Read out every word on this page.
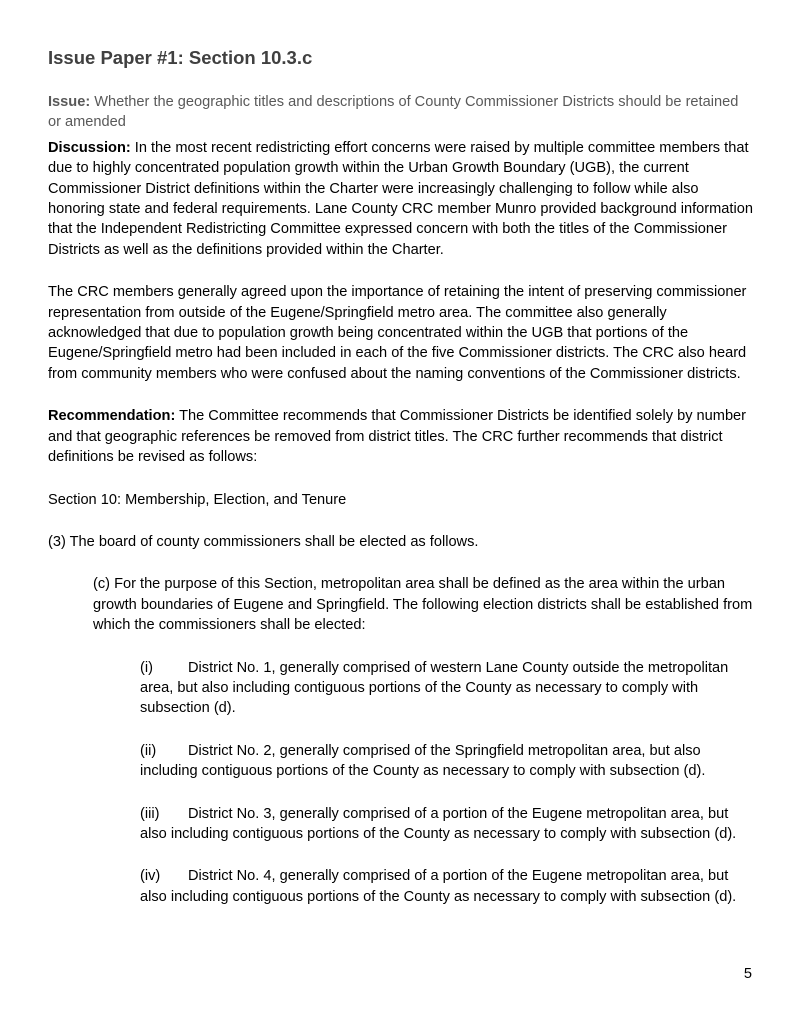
Issue Paper #1: Section 10.3.c

Issue: Whether the geographic titles and descriptions of County Commissioner Districts should be retained or amended

Discussion: In the most recent redistricting effort concerns were raised by multiple committee members that due to highly concentrated population growth within the Urban Growth Boundary (UGB), the current Commissioner District definitions within the Charter were increasingly challenging to follow while also honoring state and federal requirements. Lane County CRC member Munro provided background information that the Independent Redistricting Committee expressed concern with both the titles of the Commissioner Districts as well as the definitions provided within the Charter.

The CRC members generally agreed upon the importance of retaining the intent of preserving commissioner representation from outside of the Eugene/Springfield metro area. The committee also generally acknowledged that due to population growth being concentrated within the UGB that portions of the Eugene/Springfield metro had been included in each of the five Commissioner districts. The CRC also heard from community members who were confused about the naming conventions of the Commissioner districts.

Recommendation: The Committee recommends that Commissioner Districts be identified solely by number and that geographic references be removed from district titles. The CRC further recommends that district definitions be revised as follows:

Section 10: Membership, Election, and Tenure

(3) The board of county commissioners shall be elected as follows.

(c) For the purpose of this Section, metropolitan area shall be defined as the area within the urban growth boundaries of Eugene and Springfield. The following election districts shall be established from which the commissioners shall be elected:

(i) District No. 1, generally comprised of western Lane County outside the metropolitan area, but also including contiguous portions of the County as necessary to comply with subsection (d).

(ii) District No. 2, generally comprised of the Springfield metropolitan area, but also including contiguous portions of the County as necessary to comply with subsection (d).

(iii) District No. 3, generally comprised of a portion of the Eugene metropolitan area, but also including contiguous portions of the County as necessary to comply with subsection (d).

(iv) District No. 4, generally comprised of a portion of the Eugene metropolitan area, but also including contiguous portions of the County as necessary to comply with subsection (d).

5
